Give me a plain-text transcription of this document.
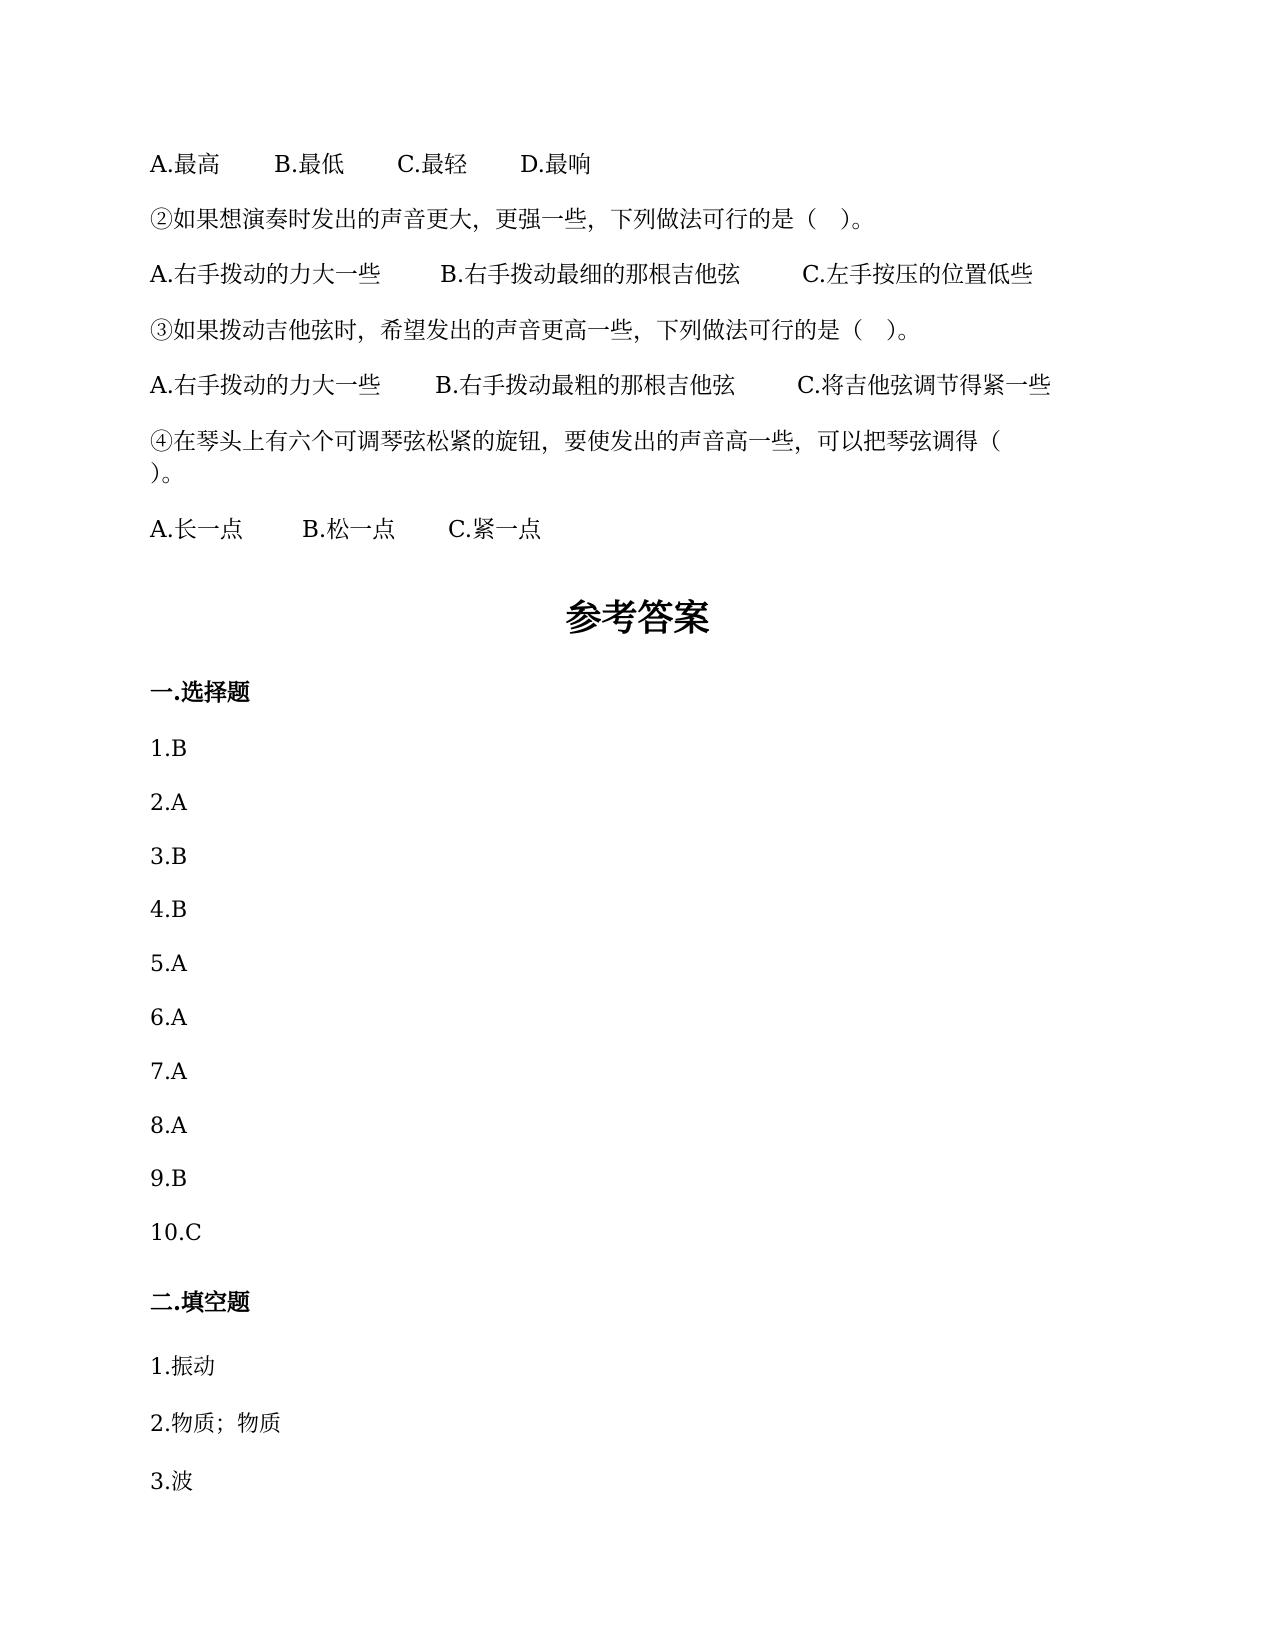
A.最高 B.最低 C.最轻 D.最响
②如果想演奏时发出的声音更大，更强一些，下列做法可行的是（　）。
A.右手拨动的力大一些	B.右手拨动最细的那根吉他弦	C.左手按压的位置低些
③如果拨动吉他弦时，希望发出的声音更高一些，下列做法可行的是（　）。
A.右手拨动的力大一些 B.右手拨动最粗的那根吉他弦	C.将吉他弦调节得紧一些
④在琴头上有六个可调琴弦松紧的旋钮，要使发出的声音高一些，可以把琴弦调得（
）。
A.长一点	B.松一点 C.紧一点
参考答案
一.选择题
1.B
2.A
3.B
4.B
5.A
6.A
7.A
8.A
9.B
10.C
二.填空题
1.振动
2.物质；物质
3.波
